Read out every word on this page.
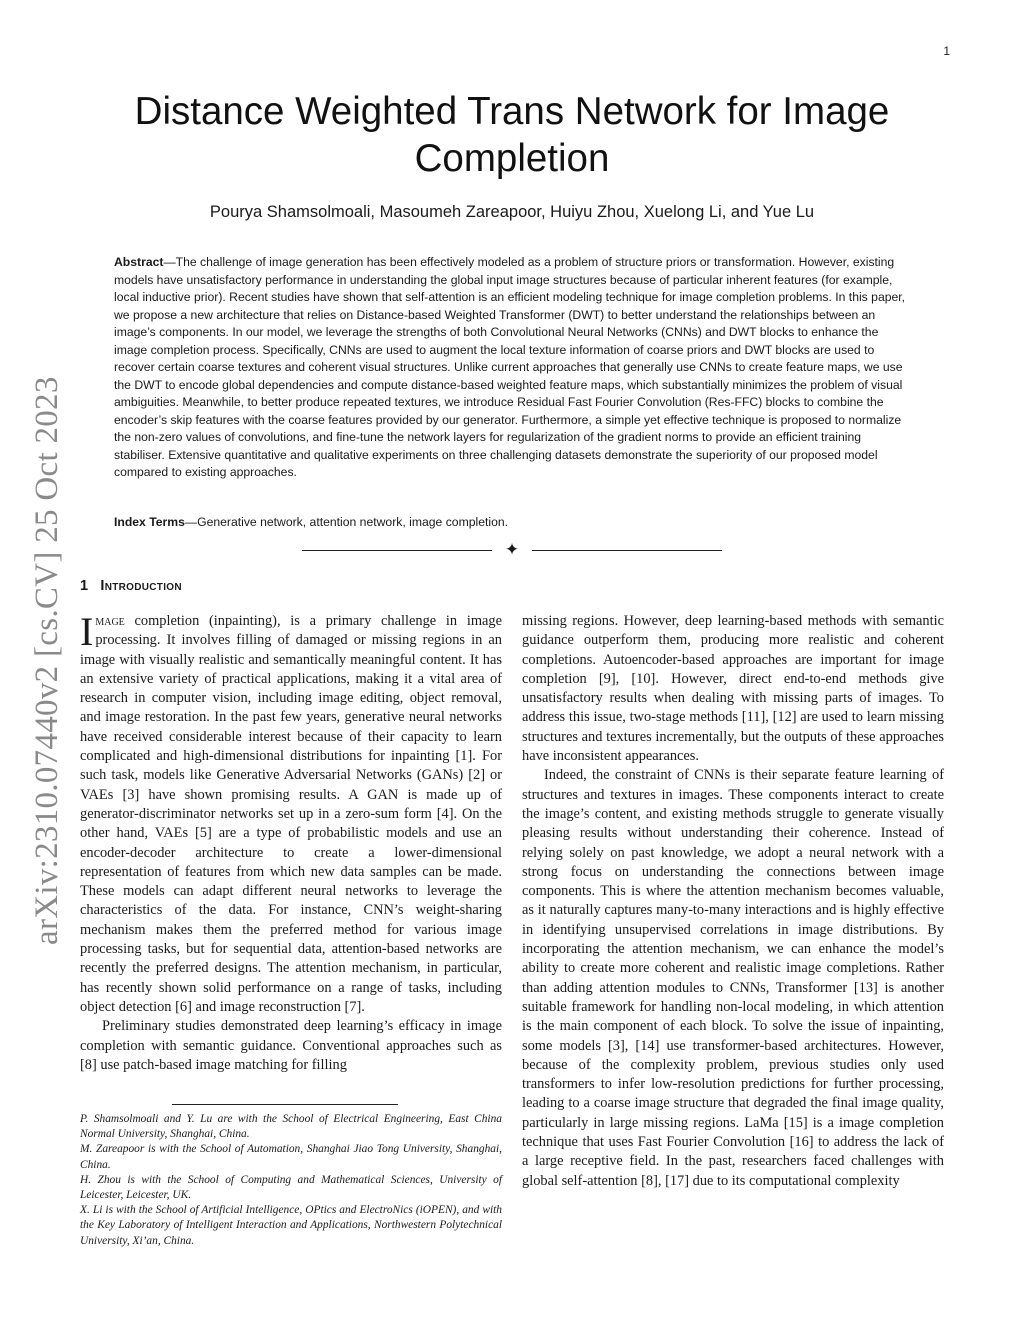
1
arXiv:2310.07440v2 [cs.CV] 25 Oct 2023
Distance Weighted Trans Network for Image Completion
Pourya Shamsolmoali, Masoumeh Zareapoor, Huiyu Zhou, Xuelong Li, and Yue Lu

Abstract—The challenge of image generation has been effectively modeled as a problem of structure priors or transformation. However, existing models have unsatisfactory performance in understanding the global input image structures because of particular inherent features (for example, local inductive prior). Recent studies have shown that self-attention is an efficient modeling technique for image completion problems. In this paper, we propose a new architecture that relies on Distance-based Weighted Transformer (DWT) to better understand the relationships between an image’s components. In our model, we leverage the strengths of both Convolutional Neural Networks (CNNs) and DWT blocks to enhance the image completion process. Specifically, CNNs are used to augment the local texture information of coarse priors and DWT blocks are used to recover certain coarse textures and coherent visual structures. Unlike current approaches that generally use CNNs to create feature maps, we use the DWT to encode global dependencies and compute distance-based weighted feature maps, which substantially minimizes the problem of visual ambiguities. Meanwhile, to better produce repeated textures, we introduce Residual Fast Fourier Convolution (Res-FFC) blocks to combine the encoder’s skip features with the coarse features provided by our generator. Furthermore, a simple yet effective technique is proposed to normalize the non-zero values of convolutions, and fine-tune the network layers for regularization of the gradient norms to provide an efficient training stabiliser. Extensive quantitative and qualitative experiments on three challenging datasets demonstrate the superiority of our proposed model compared to existing approaches.

Index Terms—Generative network, attention network, image completion.

✦
1 Introduction

Image completion (inpainting), is a primary challenge in image processing. It involves filling of damaged or missing regions in an image with visually realistic and semantically meaningful content. It has an extensive variety of practical applications, making it a vital area of research in computer vision, including image editing, object removal, and image restoration. In the past few years, generative neural networks have received considerable interest because of their capacity to learn complicated and high-dimensional distributions for inpainting [1]. For such task, models like Generative Adversarial Networks (GANs) [2] or VAEs [3] have shown promising results. A GAN is made up of generator-discriminator networks set up in a zero-sum form [4]. On the other hand, VAEs [5] are a type of probabilistic models and use an encoder-decoder architecture to create a lower-dimensional representation of features from which new data samples can be made. These models can adapt different neural networks to leverage the characteristics of the data. For instance, CNN’s weight-sharing mechanism makes them the preferred method for various image processing tasks, but for sequential data, attention-based networks are recently the preferred designs. The attention mechanism, in particular, has recently shown solid performance on a range of tasks, including object detection [6] and image reconstruction [7].

Preliminary studies demonstrated deep learning’s efficacy in image completion with semantic guidance. Conventional approaches such as [8] use patch-based image matching for filling

P. Shamsolmoali and Y. Lu are with the School of Electrical Engineering, East China Normal University, Shanghai, China.

M. Zareapoor is with the School of Automation, Shanghai Jiao Tong University, Shanghai, China.

H. Zhou is with the School of Computing and Mathematical Sciences, University of Leicester, Leicester, UK.

X. Li is with the School of Artificial Intelligence, OPtics and ElectroNics (iOPEN), and with the Key Laboratory of Intelligent Interaction and Applications, Northwestern Polytechnical University, Xi’an, China.

missing regions. However, deep learning-based methods with semantic guidance outperform them, producing more realistic and coherent completions. Autoencoder-based approaches are important for image completion [9], [10]. However, direct end-to-end methods give unsatisfactory results when dealing with missing parts of images. To address this issue, two-stage methods [11], [12] are used to learn missing structures and textures incrementally, but the outputs of these approaches have inconsistent appearances.

Indeed, the constraint of CNNs is their separate feature learning of structures and textures in images. These components interact to create the image’s content, and existing methods struggle to generate visually pleasing results without understanding their coherence. Instead of relying solely on past knowledge, we adopt a neural network with a strong focus on understanding the connections between image components. This is where the attention mechanism becomes valuable, as it naturally captures many-to-many interactions and is highly effective in identifying unsupervised correlations in image distributions. By incorporating the attention mechanism, we can enhance the model’s ability to create more coherent and realistic image completions. Rather than adding attention modules to CNNs, Transformer [13] is another suitable framework for handling non-local modeling, in which attention is the main component of each block. To solve the issue of inpainting, some models [3], [14] use transformer-based architectures. However, because of the complexity problem, previous studies only used transformers to infer low-resolution predictions for further processing, leading to a coarse image structure that degraded the final image quality, particularly in large missing regions. LaMa [15] is a image completion technique that uses Fast Fourier Convolution [16] to address the lack of a large receptive field. In the past, researchers faced challenges with global self-attention [8], [17] due to its computational complexity
